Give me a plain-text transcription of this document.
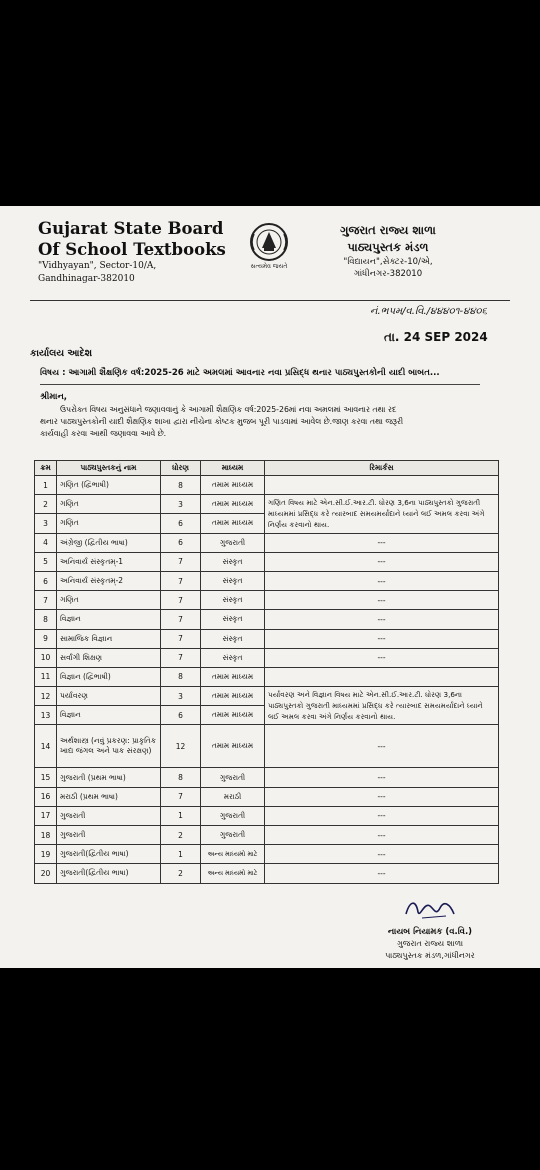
Gujarat State Board
Of School Textbooks
"Vidhyayan", Sector-10/A,
Gandhinagar-382010
સત્યમેવ જયતે
ગુજરાત રાજ્ય શાળા
પાઠ્યપુસ્તક મંડળ
"વિદ્યાયન",સેક્ટર-10/એ,
ગાંધીનગર-382010
નં.ભપમ/વ.વિ./૪૪૪૦૧-૪૪૦૬
તા. 24 SEP 2024
કાર્યાલય આદેશ
વિષય : આગામી શૈક્ષણિક વર્ષ:2025-26 માટે અમલમાં આવનાર નવા પ્રસિદ્ધ થનાર પાઠ્યપુસ્તકોની યાદી બાબત...
શ્રીમાન,
ઉપરોક્ત વિષય અનુસંધાને જણાવવાનું કે આગામી શૈક્ષણિક વર્ષ:2025-26માં નવા અમલમાં આવનાર તથા રદ
થનાર પાઠ્યપુસ્તકોની યાદી શૈક્ષણિક શાખા દ્વારા નીચેના કોષ્ટક મુજબ પૂરી પાડવામાં આવેલ છે.જાણ કરવા તથા જરૂરી
કાર્યવાહી કરવા આથી જણાવવા આવે છે.
ક્રમ	પાઠ્યપુસ્તકનું નામ	ધોરણ	માધ્યમ	રિમાર્કસ
1	ગણિત (દ્વિભાષી)	8	તમામ માધ્યમ	
2	ગણિત	3	તમામ માધ્યમ	ગણિત વિષય માટે એન.સી.ઈ.આર.ટી. ધોરણ 3,6ના પાઠ્યપુસ્તકો ગુજરાતી માધ્યમમાં પ્રસિદ્ધ કરે ત્યારબાદ સમયમર્યાદાને ધ્યાને લઈ અમલ કરવા અંગે નિર્ણય કરવાનો થાય.
3	ગણિત	6	તમામ માધ્યમ	
4	અંગ્રેજી (દ્વિતીય ભાષા)	6	ગુજરાતી	---
5	અનિવાર્ય સંસ્કૃતમ્-1	7	સંસ્કૃત	---
6	અનિવાર્ય સંસ્કૃતમ્-2	7	સંસ્કૃત	---
7	ગણિત	7	સંસ્કૃત	---
8	વિજ્ઞાન	7	સંસ્કૃત	---
9	સામાજિક વિજ્ઞાન	7	સંસ્કૃત	---
10	સર્વાંગી શિક્ષણ	7	સંસ્કૃત	---
11	વિજ્ઞાન (દ્વિભાષી)	8	તમામ માધ્યમ	
12	પર્યાવરણ	3	તમામ માધ્યમ	પર્યાવરણ અને વિજ્ઞાન વિષય માટે એન.સી.ઈ.આર.ટી. ધોરણ 3,6ના પાઠ્યપુસ્તકો ગુજરાતી માધ્યમમાં પ્રસિદ્ધ કરે ત્યારબાદ સમયમર્યાદાને ધ્યાને લઈ અમલ કરવા અંગે નિર્ણય કરવાનો થાય.
13	વિજ્ઞાન	6	તમામ માધ્યમ	
14	અર્થશાસ્ત્ર (નવું પ્રકરણ: પ્રાકૃતિક ખાદ્ય જંગલ અને પાક સંરક્ષણ)	12	તમામ માધ્યમ	---
15	ગુજરાતી (પ્રથમ ભાષા)	8	ગુજરાતી	---
16	મરાઠી (પ્રથમ ભાષા)	7	મરાઠી	---
17	ગુજરાતી	1	ગુજરાતી	---
18	ગુજરાતી	2	ગુજરાતી	---
19	ગુજરાતી(દ્વિતીય ભાષા)	1	અન્ય માધ્યમો માટે	---
20	ગુજરાતી(દ્વિતીય ભાષા)	2	અન્ય માધ્યમો માટે	---
નાયબ નિયામક (વ.વિ.)
ગુજરાત રાજ્ય શાળા
પાઠ્યપુસ્તક મંડળ,ગાંધીનગર
